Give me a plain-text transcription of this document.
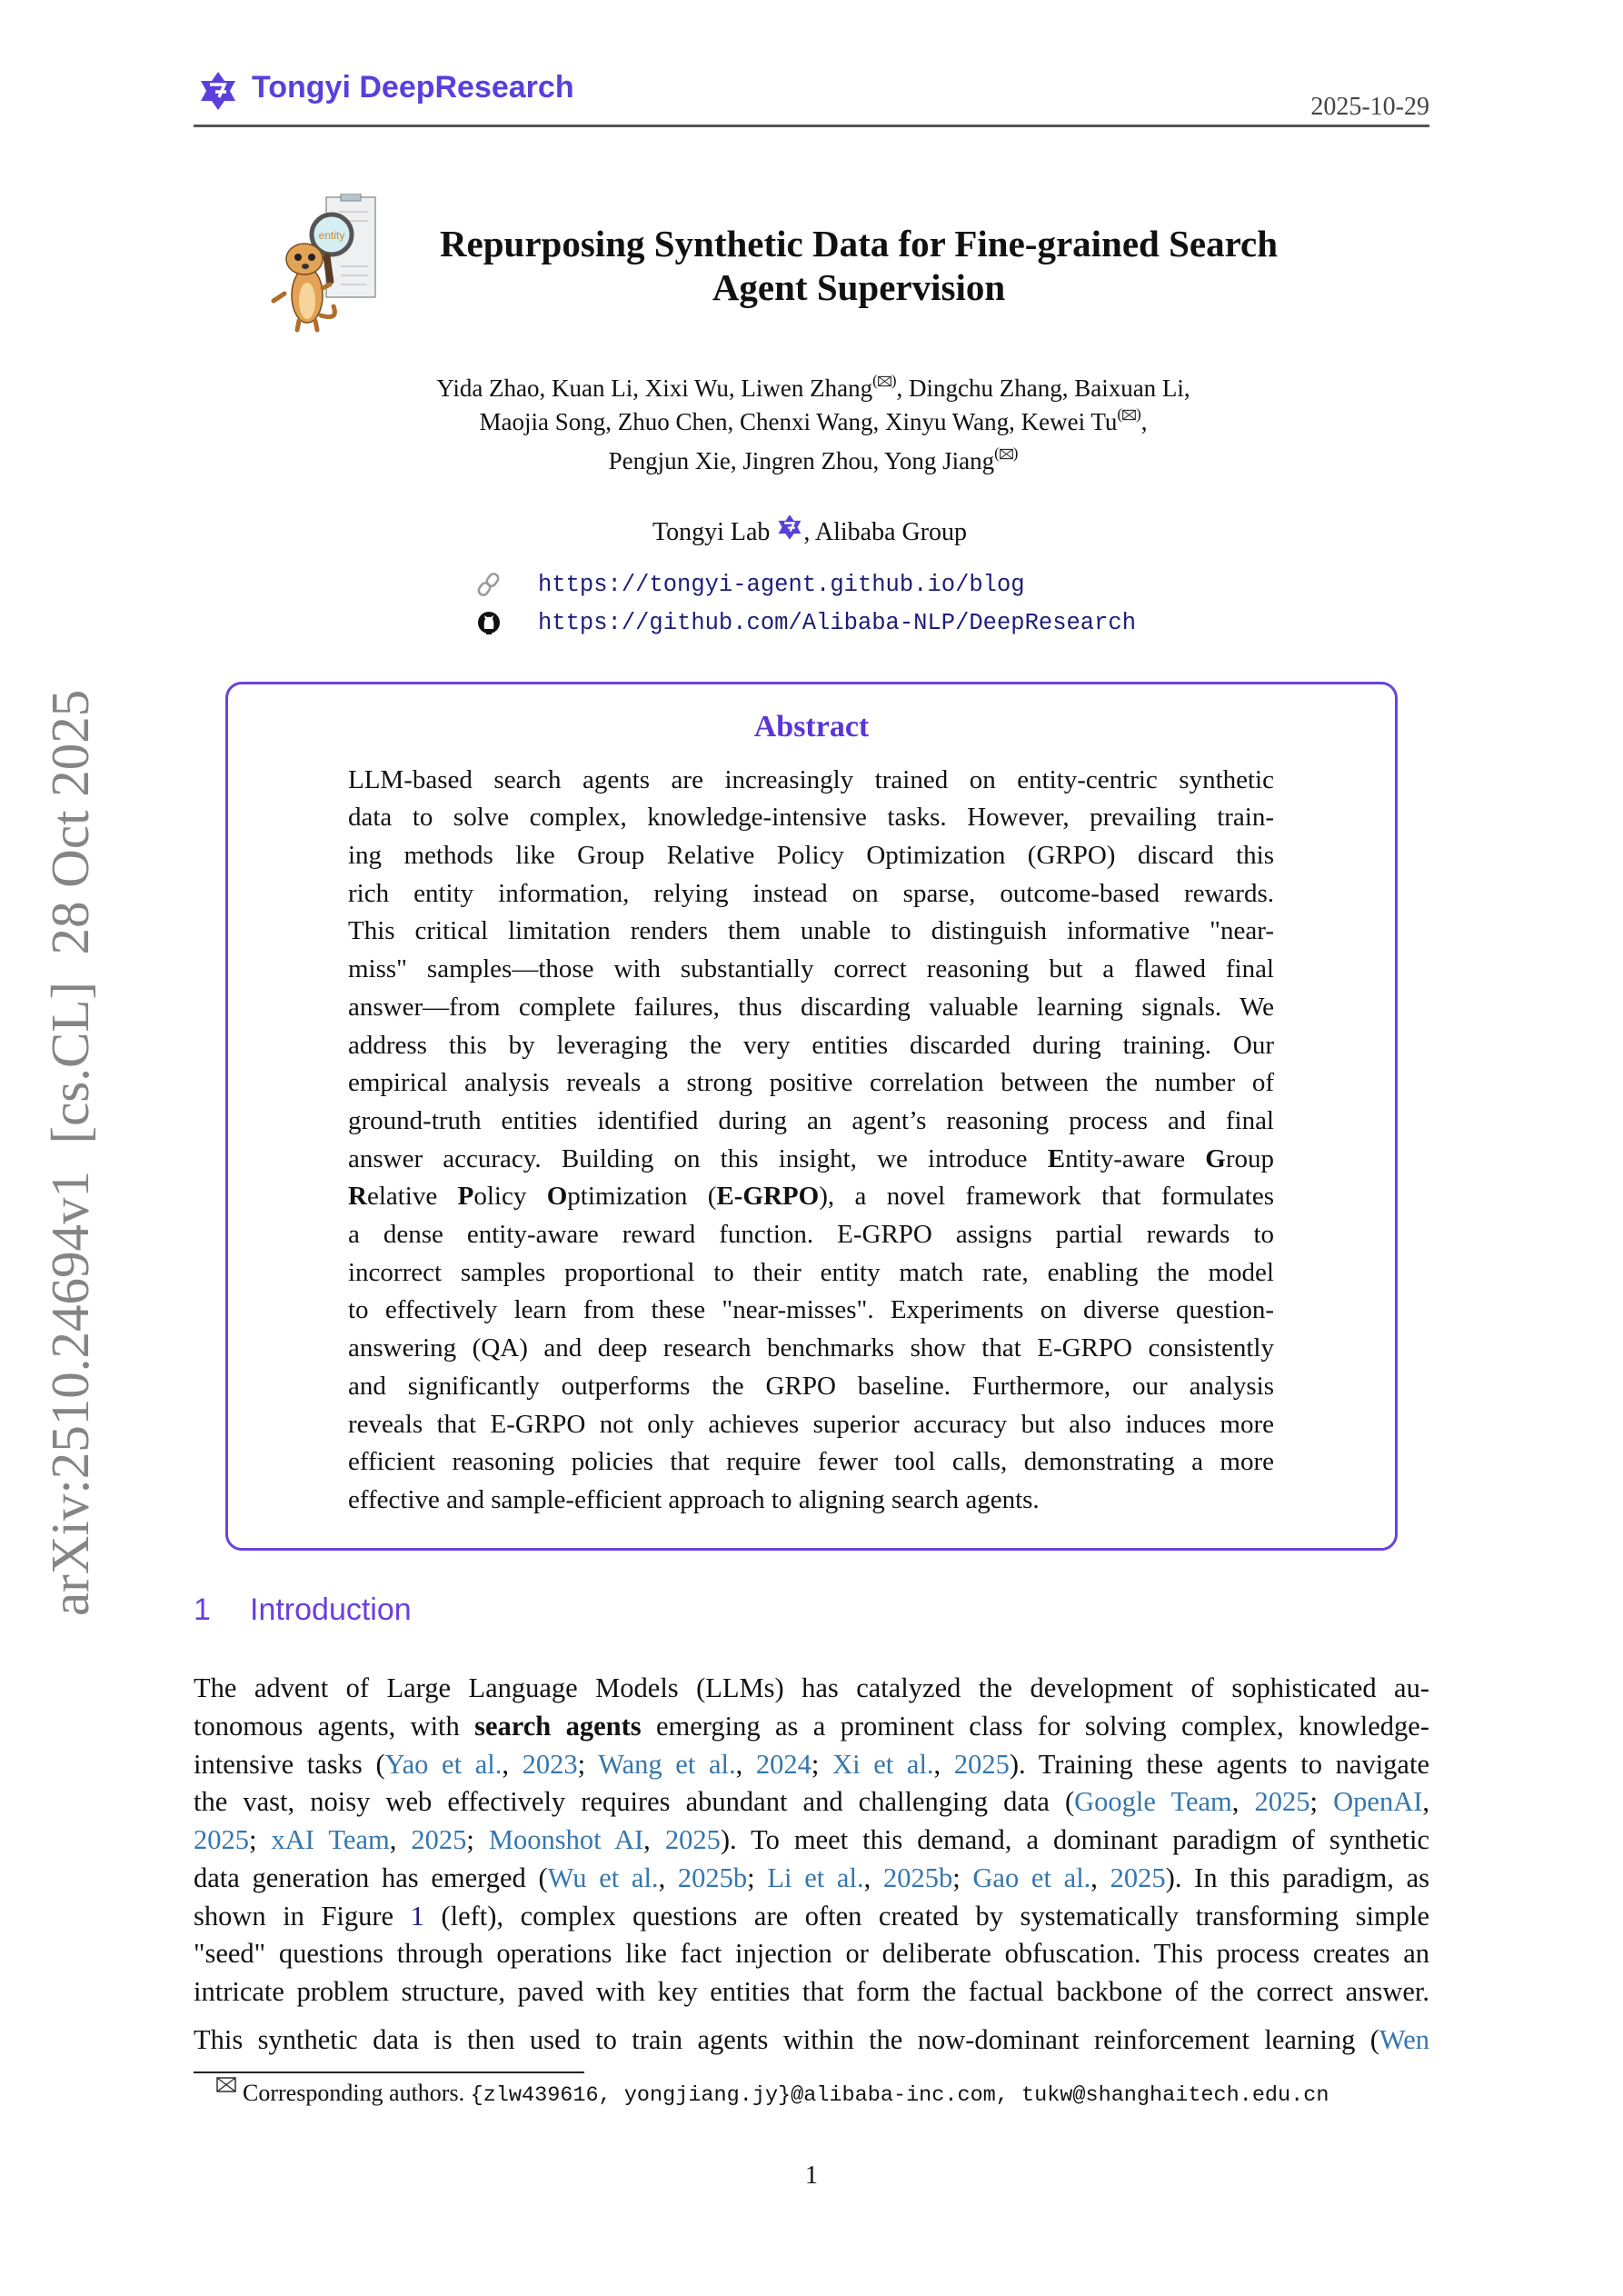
arXiv:2510.24694v1  [cs.CL]  28 Oct 2025
Tongyi DeepResearch
2025-10-29
entity	Repurposing Synthetic Data for Fine-grained Search
Agent Supervision
Yida Zhao, Kuan Li, Xixi Wu, Liwen Zhang( ), Dingchu Zhang, Baixuan Li,
Maojia Song, Zhuo Chen, Chenxi Wang, Xinyu Wang, Kewei Tu( ),
Pengjun Xie, Jingren Zhou, Yong Jiang( )
Tongyi Lab , Alibaba Group
https://tongyi-agent.github.io/blog
https://github.com/Alibaba-NLP/DeepResearch
Abstract
LLM-based search agents are increasingly trained on entity-centric synthetic
data to solve complex, knowledge-intensive tasks. However, prevailing train-
ing methods like Group Relative Policy Optimization (GRPO) discard this
rich entity information, relying instead on sparse, outcome-based rewards.
This critical limitation renders them unable to distinguish informative "near-
miss" samples—those with substantially correct reasoning but a flawed final
answer—from complete failures, thus discarding valuable learning signals. We
address this by leveraging the very entities discarded during training. Our
empirical analysis reveals a strong positive correlation between the number of
ground-truth entities identified during an agent’s reasoning process and final
answer accuracy. Building on this insight, we introduce Entity-aware Group
Relative Policy Optimization (E-GRPO), a novel framework that formulates
a dense entity-aware reward function. E-GRPO assigns partial rewards to
incorrect samples proportional to their entity match rate, enabling the model
to effectively learn from these "near-misses". Experiments on diverse question-
answering (QA) and deep research benchmarks show that E-GRPO consistently
and significantly outperforms the GRPO baseline. Furthermore, our analysis
reveals that E-GRPO not only achieves superior accuracy but also induces more
efficient reasoning policies that require fewer tool calls, demonstrating a more
effective and sample-efficient approach to aligning search agents.
1 Introduction
The advent of Large Language Models (LLMs) has catalyzed the development of sophisticated au-
tonomous agents, with search agents emerging as a prominent class for solving complex, knowledge-
intensive tasks (Yao et al., 2023; Wang et al., 2024; Xi et al., 2025). Training these agents to navigate
the vast, noisy web effectively requires abundant and challenging data (Google Team, 2025; OpenAI,
2025; xAI Team, 2025; Moonshot AI, 2025). To meet this demand, a dominant paradigm of synthetic
data generation has emerged (Wu et al., 2025b; Li et al., 2025b; Gao et al., 2025). In this paradigm, as
shown in Figure 1 (left), complex questions are often created by systematically transforming simple
"seed" questions through operations like fact injection or deliberate obfuscation. This process creates an
intricate problem structure, paved with key entities that form the factual backbone of the correct answer.
This synthetic data is then used to train agents within the now-dominant reinforcement learning (Wen
Corresponding authors. {zlw439616, yongjiang.jy}@alibaba-inc.com, tukw@shanghaitech.edu.cn
1
